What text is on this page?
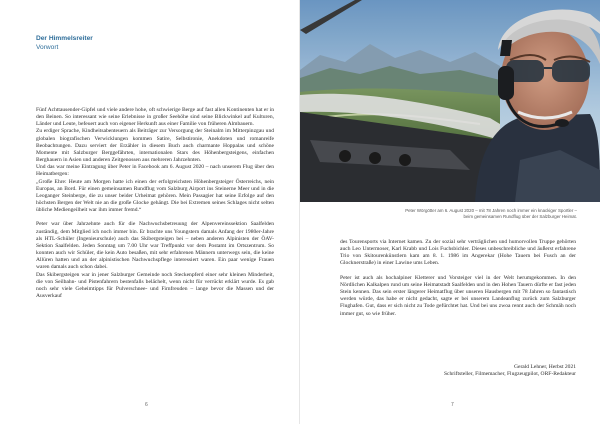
Der Himmelsreiter
Vorwort

Fünf Achttausender-Gipfel und viele andere hohe, oft schwierige Berge auf fast allen Kontinenten hat er in den Beinen. So interessant wie seine Erlebnisse in großer Seehöhe sind seine Blickwinkel auf Kulturen, Länder und Leute, befeuert auch von eigener Herkunft aus einer Familie von früheren Almbauern.

Zu erdiger Sprache, Kindheitsabenteuern als Beiträger zur Versorgung der Steinalm im Mitterpinzgau und globalen biografischen Verwicklungen kommen Satire, Selbstironie, Anekdoten und romanreife Beobachtungen. Dazu serviert der Erzähler in diesem Buch auch charmante Hoppalas und schöne Momente mit Salzburger Berggefährten, internationalen Stars des Höhenbergsteigens, einfachen Berghauern in Asien und anderen Zeitgenossen aus mehreren Jahrzehnten.

Und das war meine Eintragung über Peter in Facebook am 6. August 2020 – nach unserem Flug über den Heimatbergen:

„Große Ehre: Heute am Morgen hatte ich einen der erfolgreichsten Höhenbergsteiger Österreichs, nein Europas, an Bord. Für einen gemeinsamen Rundflug vom Salzburg Airport ins Steinerne Meer und in die Leoganger Steinberge, die zu unser beider Urheimat gehören. Mein Passagier hat seine Erfolge auf den höchsten Bergen der Welt nie an die große Glocke gehängt. Die bei Extremen seines Schlages nicht selten übliche Mediengeilheit war ihm immer fremd.“

Peter war über Jahrzehnte auch für die Nachwuchsbetreuung der Alpenvereinssektion Saalfelden zuständig, dem Mitglied ich noch immer bin. Er brachte uns Youngstern damals Anfang der 1980er-Jahre als HTL-Schüler (Ingenieurschule) auch das Skibergsteigen bei – neben anderen Alpinisten der ÖAV-Sektion Saalfelden. Jeden Sonntag um 7.00 Uhr war Treffpunkt vor dem Postamt im Ortszentrum. So konnten auch wir Schüler, die kein Auto besaßen, mit sehr erfahrenen Männern unterwegs sein, die keine Allüren hatten und an der alpinistischen Nachwuchspflege interessiert waren. Ein paar wenige Frauen waren damals auch schon dabei.

Das Skibergsteigen war in jener Salzburger Gemeinde noch Steckenpferd einer sehr kleinen Minderheit, die von Seilbahn- und Pistenfahrern bestenfalls belächelt, wenn nicht für verrückt erklärt wurde. Es gab noch sehr viele Geheimtipps für Pulverschnee- und Firnfreuden – lange bevor die Massen und der Ausverkauf

6
Peter Wörgötter am 6. August 2020 – mit 78 Jahren noch immer ein knackiger Sportler – beim gemeinsamen Rundflug über der Salzburger Heimat.

des Tourensports via Internet kamen. Zu der sozial sehr verträglichen und humorvollen Truppe gehörten auch Leo Untermoser, Karl Krabb und Lois Fuchsbichler. Dieses unbeschreibliche und äußerst erfahrene Trio von Skitourenkünstlern kam am 8. 1. 1986 im Angerekar (Hohe Tauern bei Fusch an der Glocknerstraße) in einer Lawine ums Leben.

Peter ist auch als hochalpiner Kletterer und Vorsteiger viel in der Welt herumgekommen. In den Nördlichen Kalkalpen rund um seine Heimatstadt Saalfelden und in den Hohen Tauern dürfte er fast jeden Stein kennen. Das sein erster längerer Heimatflug über unseren Hausbergen mit 78 Jahren so fantastisch werden würde, das habe er nicht gedacht, sagte er bei unserem Landeanflug zurück zum Salzburger Flughafen. Gut, dass er sich nicht zu Tode gefürchtet hat. Und bei uns zwoa rennt auch der Schmäh noch immer gut, so wie früher.

Gerald Lehner, Herbst 2021
Schriftsteller, Filmemacher, Flugzeugpilot, ORF-Redakteur
7
